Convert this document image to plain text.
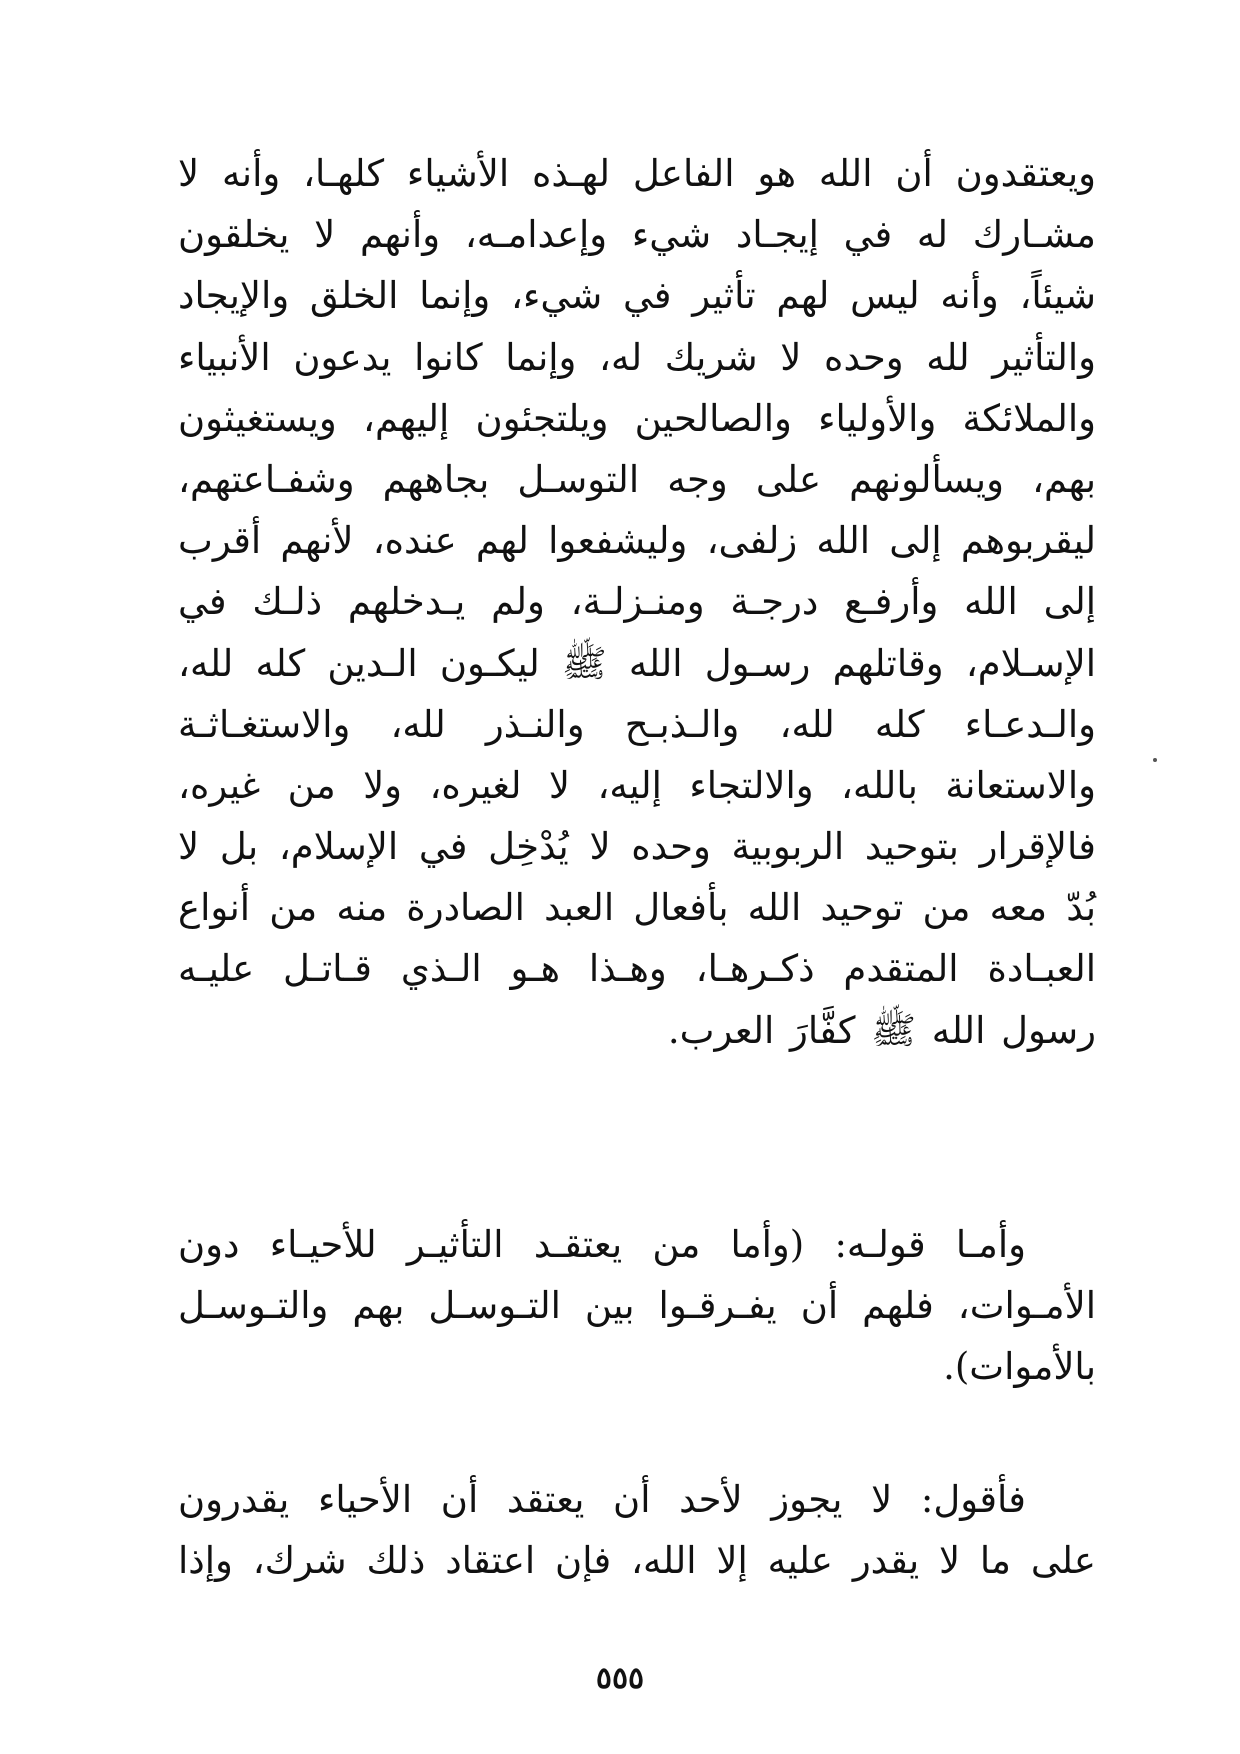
ويعتقدون أن الله هو الفاعل لهـذه الأشياء كلهـا، وأنه لا
مشـارك له في إيجـاد شيء وإعدامـه، وأنهم لا يخلقون
شيئاً، وأنه ليس لهم تأثير في شيء، وإنما الخلق والإيجاد
والتأثير لله وحده لا شريك له، وإنما كانوا يدعون الأنبياء
والملائكة والأولياء والصالحين ويلتجئون إليهم، ويستغيثون
بهم، ويسألونهم على وجه التوسـل بجاههم وشفـاعتهم،
ليقربوهم إلى الله زلفى، وليشفعوا لهم عنده، لأنهم أقرب
إلى الله وأرفـع درجـة ومنـزلـة، ولم يـدخلهم ذلـك في
الإسـلام، وقاتلهم رسـول الله ﷺ ليكـون الـدين كله لله،
والـدعـاء كله لله، والـذبـح والنـذر لله، والاستغـاثـة
والاستعانة بالله، والالتجاء إليه، لا لغيره، ولا من غيره،
فالإقرار بتوحيد الربوبية وحده لا يُدْخِل في الإسلام، بل لا
بُدّ معه من توحيد الله بأفعال العبد الصادرة منه من أنواع
العبـادة المتقدم ذكـرهـا، وهـذا هـو الـذي قـاتـل عليـه
رسول الله ﷺ كفَّارَ العرب.
وأمـا قولـه: (وأما من يعتقـد التأثيـر للأحيـاء دون
الأمـوات، فلهم أن يفـرقـوا بين التـوسـل بهم والتـوسـل
بالأموات).
فأقول: لا يجوز لأحد أن يعتقد أن الأحياء يقدرون
على ما لا يقدر عليه إلا الله، فإن اعتقاد ذلك شرك، وإذا
٥٥٥
